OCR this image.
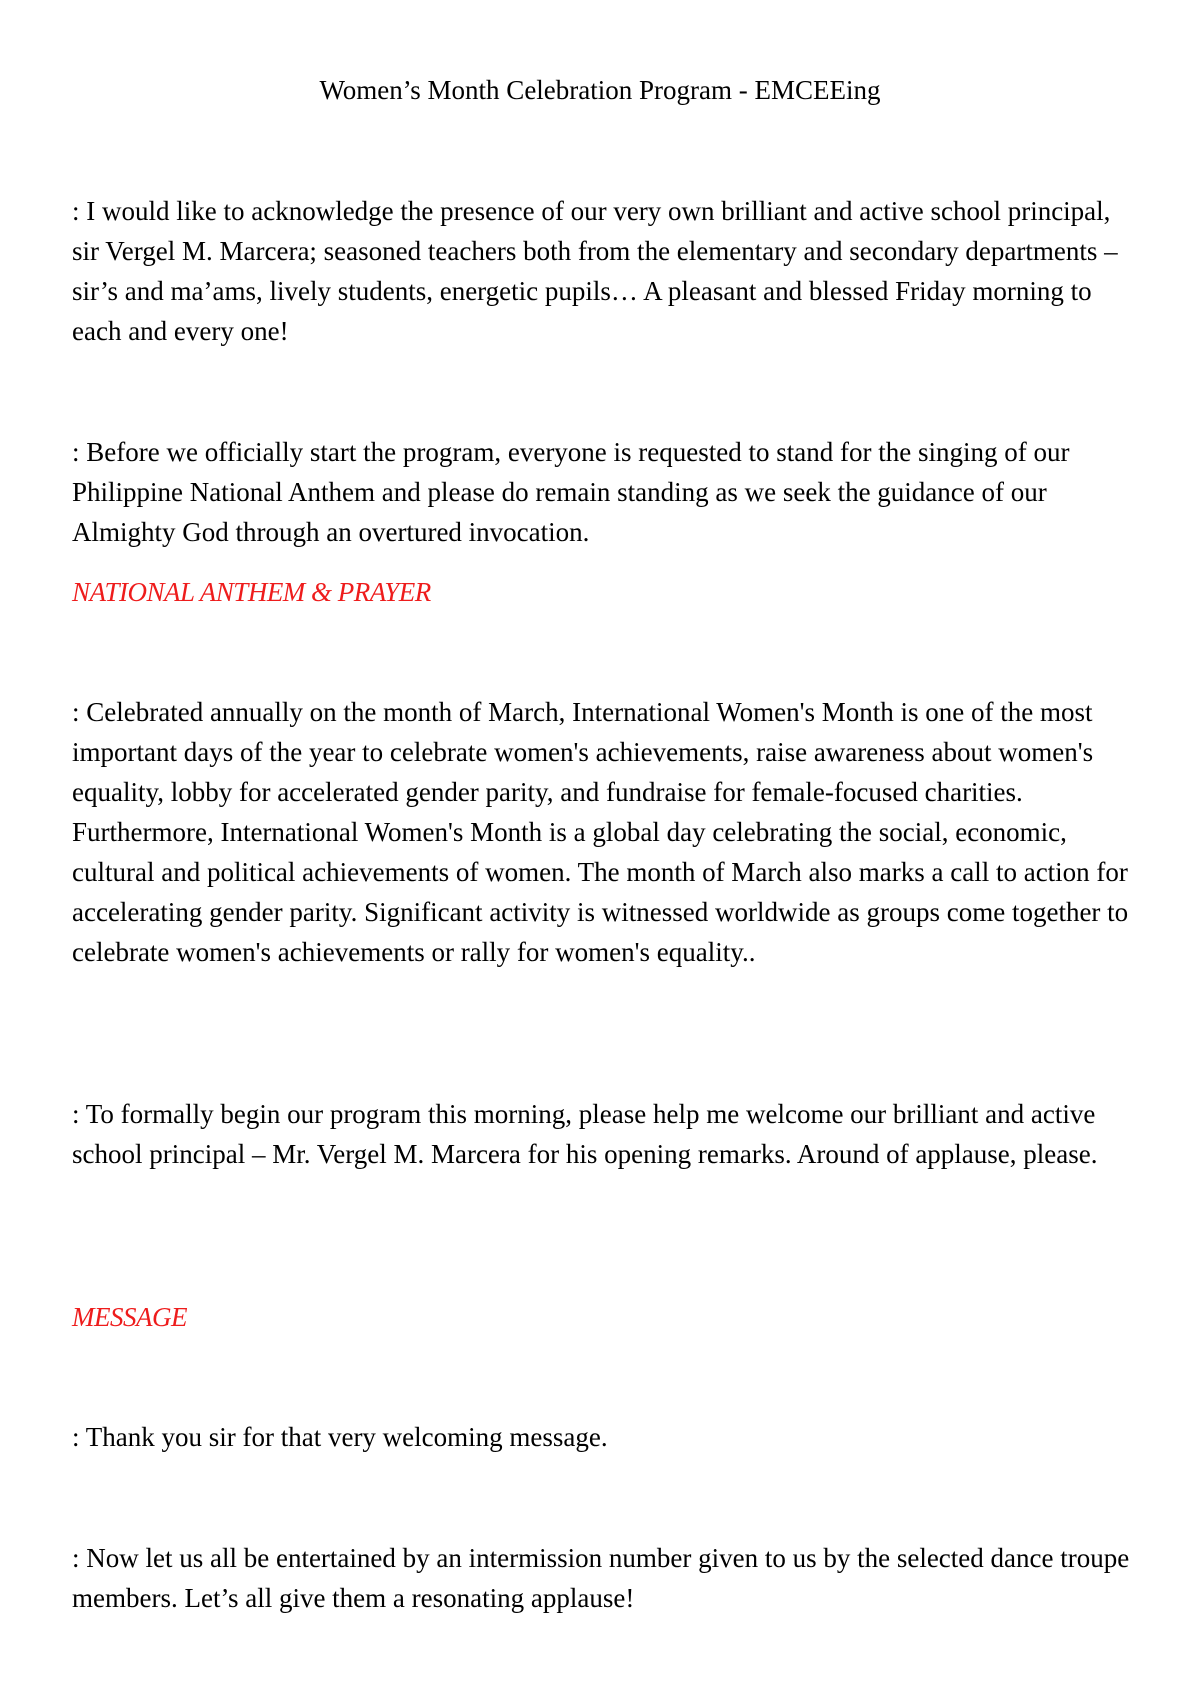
Women’s Month Celebration Program - EMCEEing

: I would like to acknowledge the presence of our very own brilliant and active school principal, sir Vergel M. Marcera; seasoned teachers both from the elementary and secondary departments – sir’s and ma’ams, lively students, energetic pupils… A pleasant and blessed Friday morning to each and every one!

: Before we officially start the program, everyone is requested to stand for the singing of our Philippine National Anthem and please do remain standing as we seek the guidance of our Almighty God through an overtured invocation.

NATIONAL ANTHEM & PRAYER

: Celebrated annually on the month of March, International Women's Month is one of the most important days of the year to celebrate women's achievements, raise awareness about women's equality, lobby for accelerated gender parity, and fundraise for female-focused charities. Furthermore, International Women's Month is a global day celebrating the social, economic, cultural and political achievements of women. The month of March also marks a call to action for accelerating gender parity. Significant activity is witnessed worldwide as groups come together to celebrate women's achievements or rally for women's equality..

: To formally begin our program this morning, please help me welcome our brilliant and active school principal – Mr. Vergel M. Marcera for his opening remarks. Around of applause, please.

MESSAGE

: Thank you sir for that very welcoming message.

: Now let us all be entertained by an intermission number given to us by the selected dance troupe members. Let’s all give them a resonating applause!
